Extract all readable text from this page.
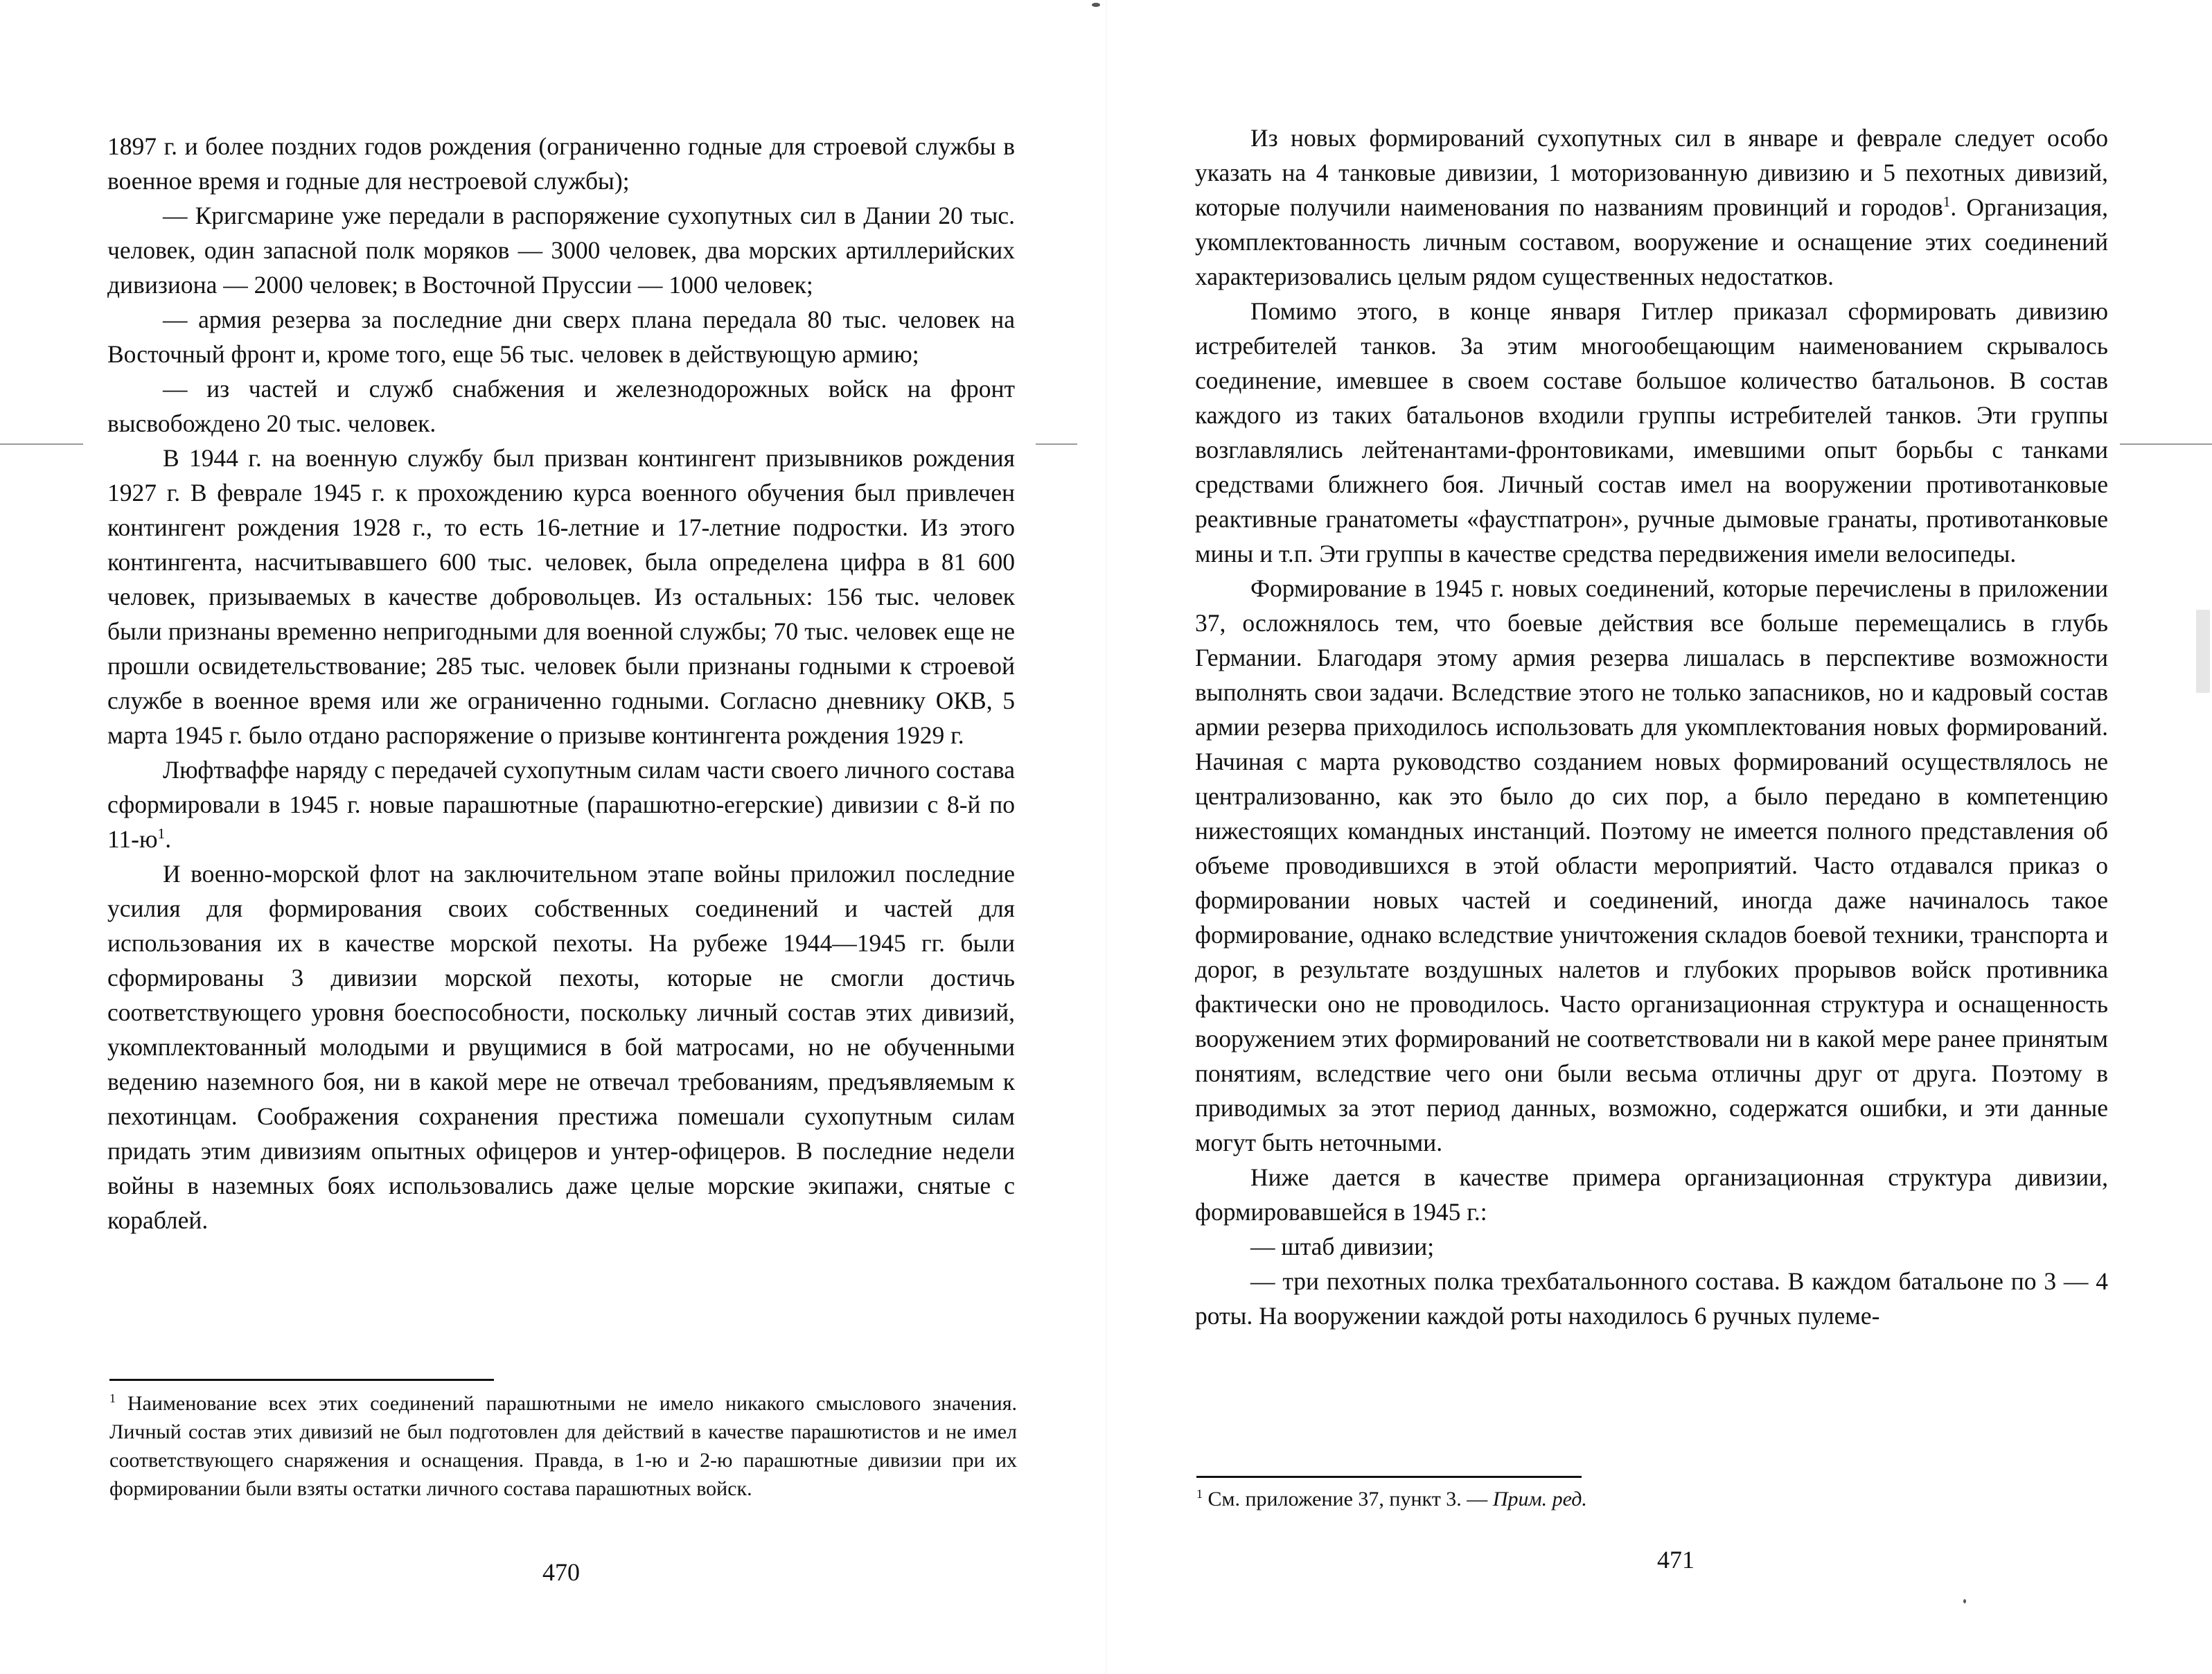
1897 г. и более поздних годов рождения (ограниченно годные для строевой службы в военное время и годные для нестроевой службы);

— Кригсмарине уже передали в распоряжение сухопутных сил в Дании 20 тыс. человек, один запасной полк моряков — 3000 человек, два морских артиллерийских дивизиона — 2000 человек; в Восточной Пруссии — 1000 человек;

— армия резерва за последние дни сверх плана передала 80 тыс. человек на Восточный фронт и, кроме того, еще 56 тыс. человек в действующую армию;

— из частей и служб снабжения и железнодорожных войск на фронт высвобождено 20 тыс. человек.

В 1944 г. на военную службу был призван контингент призывников рождения 1927 г. В феврале 1945 г. к прохождению курса военного обучения был привлечен контингент рождения 1928 г., то есть 16-летние и 17-летние подростки. Из этого контингента, насчитывавшего 600 тыс. человек, была определена цифра в 81 600 человек, призываемых в качестве добровольцев. Из остальных: 156 тыс. человек были признаны временно непригодными для военной службы; 70 тыс. человек еще не прошли освидетельствование; 285 тыс. человек были признаны годными к строевой службе в военное время или же ограниченно годными. Согласно дневнику ОКВ, 5 марта 1945 г. было отдано распоряжение о призыве контингента рождения 1929 г.

Люфтваффе наряду с передачей сухопутным силам части своего личного состава сформировали в 1945 г. новые парашютные (парашютно-егерские) дивизии с 8-й по $11-ю^1$.

И военно-морской флот на заключительном этапе войны приложил последние усилия для формирования своих собственных соединений и частей для использования их в качестве морской пехоты. На рубеже 1944—1945 гг. были сформированы 3 дивизии морской пехоты, которые не смогли достичь соответствующего уровня боеспособности, поскольку личный состав этих дивизий, укомплектованный молодыми и рвущимися в бой матросами, но не обученными ведению наземного боя, ни в какой мере не отвечал требованиям, предъявляемым к пехотинцам. Соображения сохранения престижа помешали сухопутным силам придать этим дивизиям опытных офицеров и унтер-офицеров. В последние недели войны в наземных боях использовались даже целые морские экипажи, снятые с кораблей.

$^1$ Наименование всех этих соединений парашютными не имело никакого смыслового значения. Личный состав этих дивизий не был подготовлен для действий в качестве парашютистов и не имел соответствующего снаряжения и оснащения. Правда, в 1-ю и 2-ю парашютные дивизии при их формировании были взяты остатки личного состава парашютных войск.

470

Из новых формирований сухопутных сил в январе и феврале следует особо указать на 4 танковые дивизии, 1 моторизованную дивизию и 5 пехотных дивизий, которые получили наименования по названиям провинций и городов$^1$. Организация, укомплектованность личным составом, вооружение и оснащение этих соединений характеризовались целым рядом существенных недостатков.

Помимо этого, в конце января Гитлер приказал сформировать дивизию истребителей танков. За этим многообещающим наименованием скрывалось соединение, имевшее в своем составе большое количество батальонов. В состав каждого из таких батальонов входили группы истребителей танков. Эти группы возглавлялись лейтенантами-фронтовиками, имевшими опыт борьбы с танками средствами ближнего боя. Личный состав имел на вооружении противотанковые реактивные гранатометы «фаустпатрон», ручные дымовые гранаты, противотанковые мины и т.п. Эти группы в качестве средства передвижения имели велосипеды.

Формирование в 1945 г. новых соединений, которые перечислены в приложении 37, осложнялось тем, что боевые действия все больше перемещались в глубь Германии. Благодаря этому армия резерва лишалась в перспективе возможности выполнять свои задачи. Вследствие этого не только запасников, но и кадровый состав армии резерва приходилось использовать для укомплектования новых формирований. Начиная с марта руководство созданием новых формирований осуществлялось не централизованно, как это было до сих пор, а было передано в компетенцию нижестоящих командных инстанций. Поэтому не имеется полного представления об объеме проводившихся в этой области мероприятий. Часто отдавался приказ о формировании новых частей и соединений, иногда даже начиналось такое формирование, однако вследствие уничтожения складов боевой техники, транспорта и дорог, в результате воздушных налетов и глубоких прорывов войск противника фактически оно не проводилось. Часто организационная структура и оснащенность вооружением этих формирований не соответствовали ни в какой мере ранее принятым понятиям, вследствие чего они были весьма отличны друг от друга. Поэтому в приводимых за этот период данных, возможно, содержатся ошибки, и эти данные могут быть неточными.

Ниже дается в качестве примера организационная структура дивизии, формировавшейся в 1945 г.:

— штаб дивизии;

— три пехотных полка трехбатальонного состава. В каждом батальоне по 3 — 4 роты. На вооружении каждой роты находилось 6 ручных пулеме-

$^1$ См. приложение 37, пункт 3. — Прим. ред.

471
